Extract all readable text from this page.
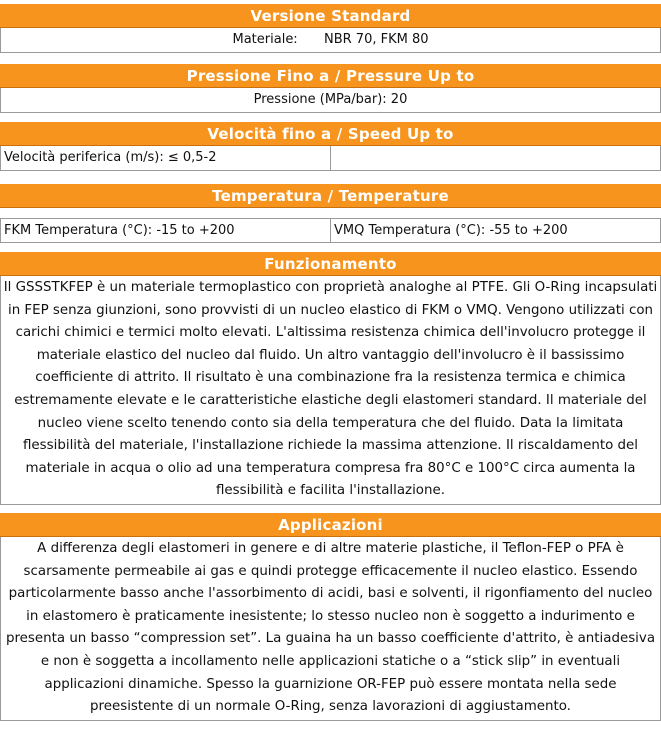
Versione Standard
Materiale: NBR 70, FKM 80
Pressione Fino a / Pressure Up to
Pressione (MPa/bar): 20
Velocità fino a / Speed Up to
Velocità periferica (m/s): ≤ 0,5-2
Temperatura / Temperature
FKM Temperatura (°C): -15 to +200	VMQ Temperatura (°C): -55 to +200
Funzionamento
Il GSSSTKFEP è un materiale termoplastico con proprietà analoghe al PTFE. Gli O-Ring incapsulati in FEP senza giunzioni, sono provvisti di un nucleo elastico di FKM o VMQ. Vengono utilizzati con carichi chimici e termici molto elevati. L'altissima resistenza chimica dell'involucro protegge il materiale elastico del nucleo dal fluido. Un altro vantaggio dell'involucro è il bassissimo coefficiente di attrito. Il risultato è una combinazione fra la resistenza termica e chimica estremamente elevate e le caratteristiche elastiche degli elastomeri standard. Il materiale del nucleo viene scelto tenendo conto sia della temperatura che del fluido. Data la limitata flessibilità del materiale, l'installazione richiede la massima attenzione. Il riscaldamento del materiale in acqua o olio ad una temperatura compresa fra 80°C e 100°C circa aumenta la flessibilità e facilita l'installazione.
Applicazioni
A differenza degli elastomeri in genere e di altre materie plastiche, il Teflon-FEP o PFA è scarsamente permeabile ai gas e quindi protegge efficacemente il nucleo elastico. Essendo particolarmente basso anche l'assorbimento di acidi, basi e solventi, il rigonfiamento del nucleo in elastomero è praticamente inesistente; lo stesso nucleo non è soggetto a indurimento e presenta un basso “compression set”. La guaina ha un basso coefficiente d'attrito, è antiadesiva e non è soggetta a incollamento nelle applicazioni statiche o a “stick slip” in eventuali applicazioni dinamiche. Spesso la guarnizione OR-FEP può essere montata nella sede preesistente di un normale O-Ring, senza lavorazioni di aggiustamento.
